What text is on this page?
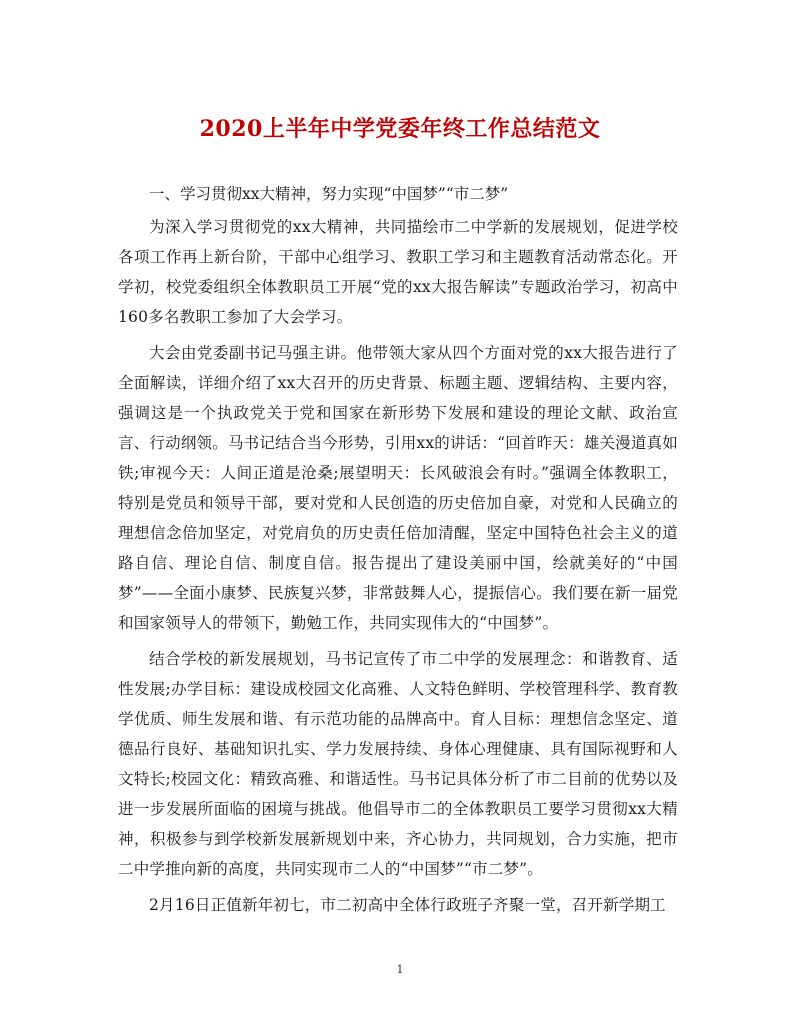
2020上半年中学党委年终工作总结范文

一、学习贯彻xx大精神，努力实现“中国梦”“市二梦”

为深入学习贯彻党的xx大精神，共同描绘市二中学新的发展规划，促进学校各项工作再上新台阶，干部中心组学习、教职工学习和主题教育活动常态化。开学初，校党委组织全体教职员工开展“党的xx大报告解读”专题政治学习，初高中160多名教职工参加了大会学习。

大会由党委副书记马强主讲。他带领大家从四个方面对党的xx大报告进行了全面解读，详细介绍了xx大召开的历史背景、标题主题、逻辑结构、主要内容，强调这是一个执政党关于党和国家在新形势下发展和建设的理论文献、政治宣言、行动纲领。马书记结合当今形势，引用xx的讲话：“回首昨天：雄关漫道真如铁;审视今天：人间正道是沧桑;展望明天：长风破浪会有时。”强调全体教职工，特别是党员和领导干部，要对党和人民创造的历史倍加自豪，对党和人民确立的理想信念倍加坚定，对党肩负的历史责任倍加清醒，坚定中国特色社会主义的道路自信、理论自信、制度自信。报告提出了建设美丽中国，绘就美好的“中国梦”——全面小康梦、民族复兴梦，非常鼓舞人心，提振信心。我们要在新一届党和国家领导人的带领下，勤勉工作，共同实现伟大的“中国梦”。

结合学校的新发展规划，马书记宣传了市二中学的发展理念：和谐教育、适性发展;办学目标：建设成校园文化高雅、人文特色鲜明、学校管理科学、教育教学优质、师生发展和谐、有示范功能的品牌高中。育人目标：理想信念坚定、道德品行良好、基础知识扎实、学力发展持续、身体心理健康、具有国际视野和人文特长;校园文化：精致高雅、和谐适性。马书记具体分析了市二目前的优势以及进一步发展所面临的困境与挑战。他倡导市二的全体教职员工要学习贯彻xx大精神，积极参与到学校新发展新规划中来，齐心协力，共同规划，合力实施，把市二中学推向新的高度，共同实现市二人的“中国梦”“市二梦”。

2月16日正值新年初七，市二初高中全体行政班子齐聚一堂，召开新学期工

1
